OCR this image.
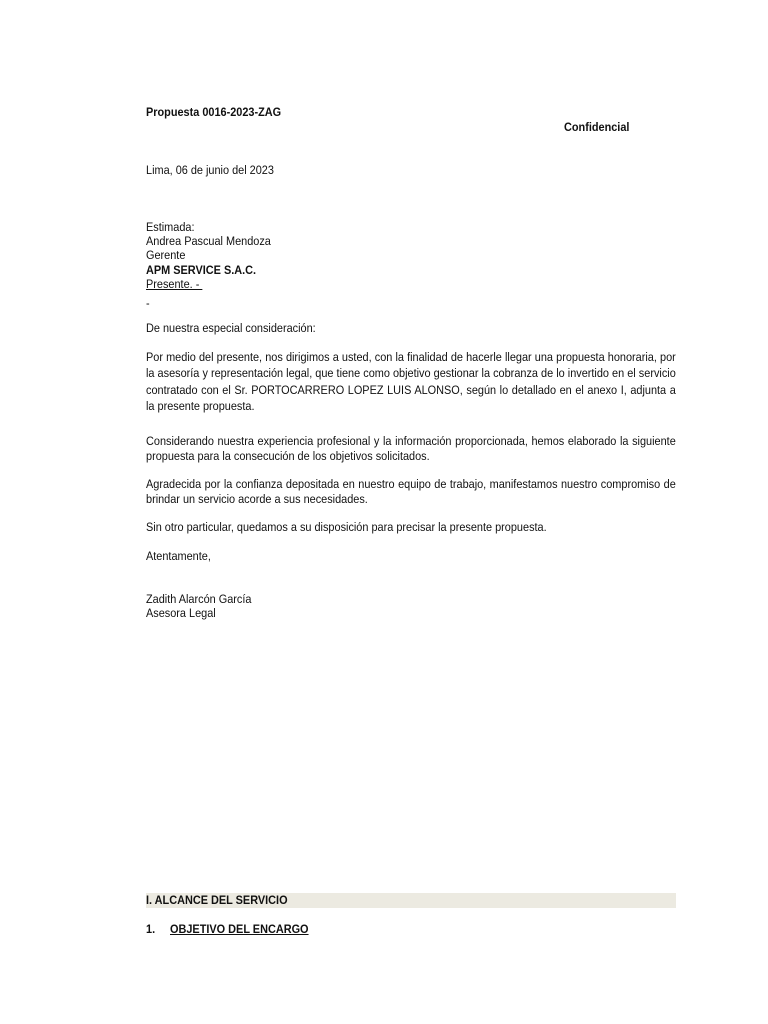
Propuesta 0016-2023-ZAG
Confidencial
Lima, 06 de junio del 2023
Estimada:
Andrea Pascual Mendoza
Gerente
APM SERVICE S.A.C.
Presente. -
-
De nuestra especial consideración:
Por medio del presente, nos dirigimos a usted, con la finalidad de hacerle llegar una propuesta honoraria, por la asesoría y representación legal, que tiene como objetivo gestionar la cobranza de lo invertido en el servicio contratado con el Sr. PORTOCARRERO LOPEZ LUIS ALONSO, según lo detallado en el anexo I, adjunta a la presente propuesta.
Considerando nuestra experiencia profesional y la información proporcionada, hemos elaborado la siguiente propuesta para la consecución de los objetivos solicitados.
Agradecida por la confianza depositada en nuestro equipo de trabajo, manifestamos nuestro compromiso de brindar un servicio acorde a sus necesidades.
Sin otro particular, quedamos a su disposición para precisar la presente propuesta.
Atentamente,
Zadith Alarcón García
Asesora Legal
I. ALCANCE DEL SERVICIO
1. OBJETIVO DEL ENCARGO
